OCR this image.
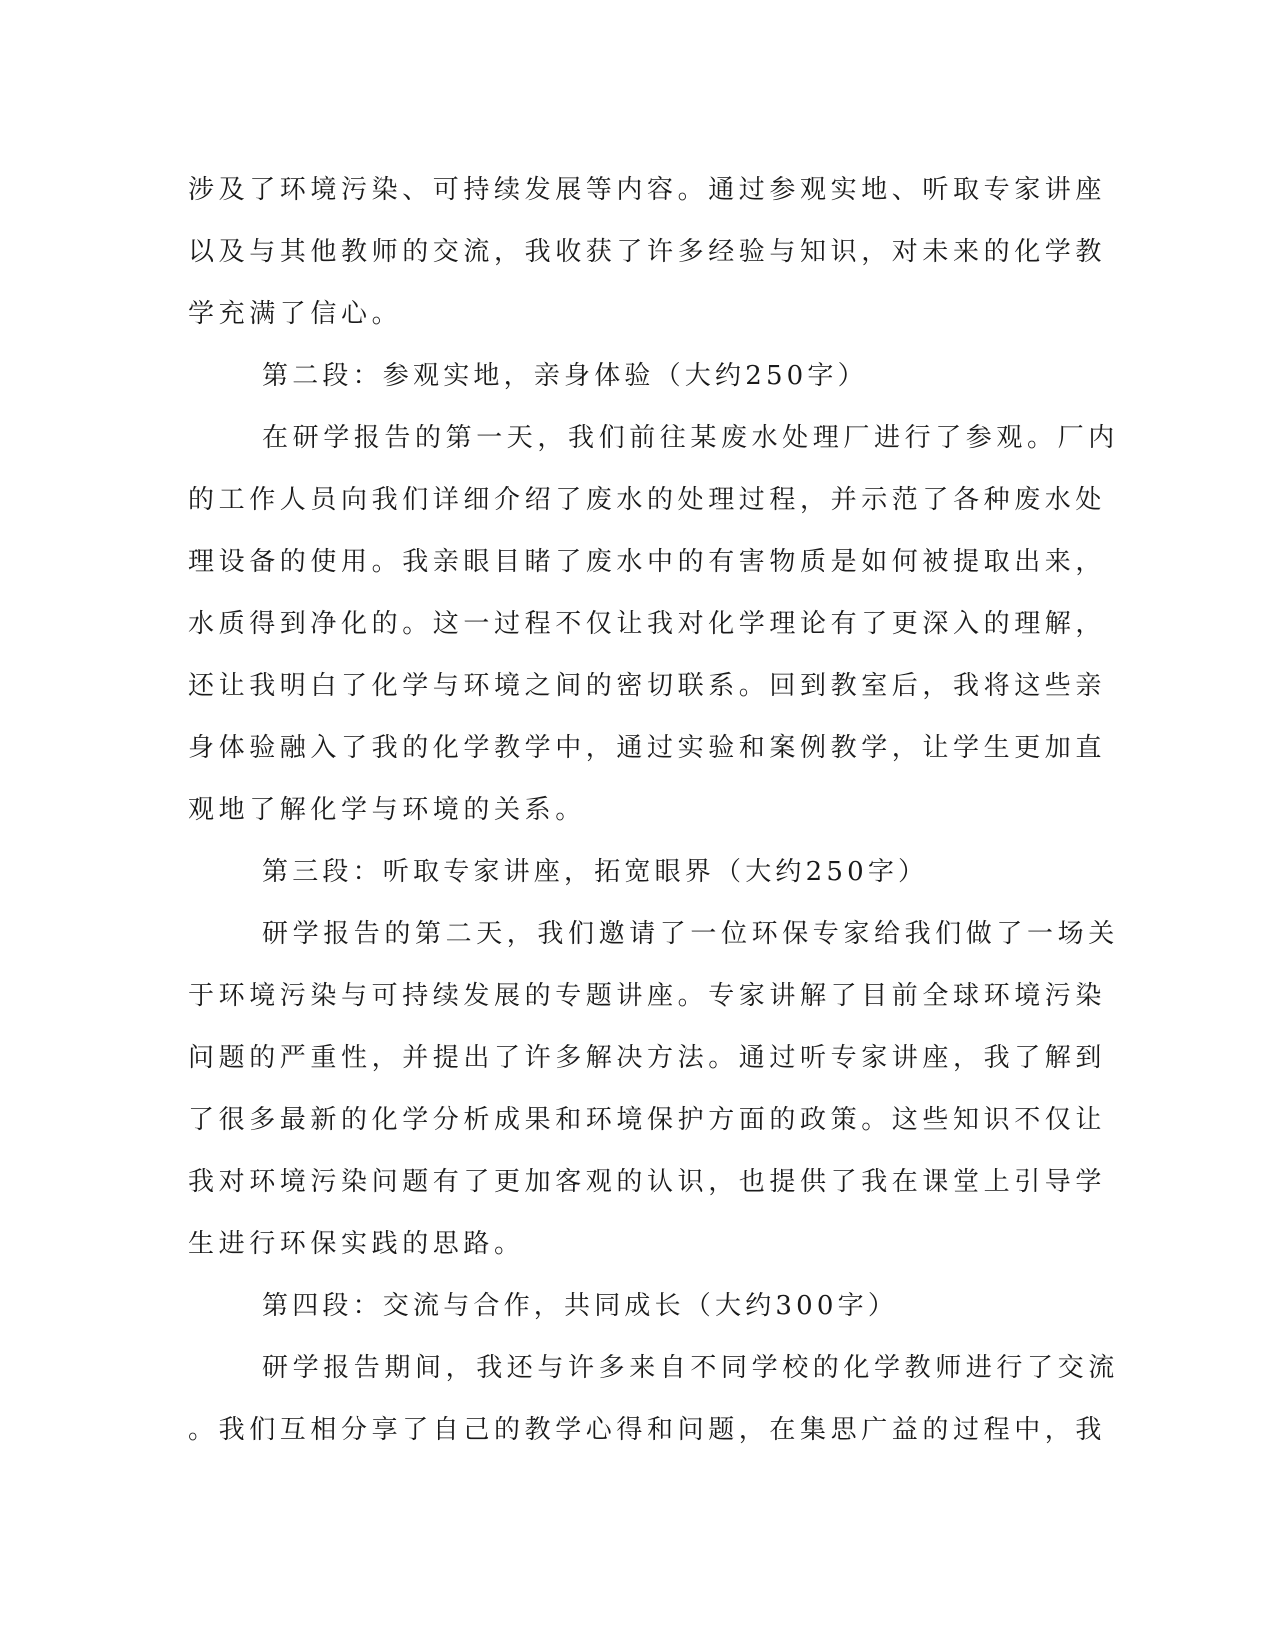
涉及了环境污染、可持续发展等内容。通过参观实地、听取专家讲座
以及与其他教师的交流，我收获了许多经验与知识，对未来的化学教
学充满了信心。
第二段：参观实地，亲身体验（大约250字）
在研学报告的第一天，我们前往某废水处理厂进行了参观。厂内
的工作人员向我们详细介绍了废水的处理过程，并示范了各种废水处
理设备的使用。我亲眼目睹了废水中的有害物质是如何被提取出来，
水质得到净化的。这一过程不仅让我对化学理论有了更深入的理解，
还让我明白了化学与环境之间的密切联系。回到教室后，我将这些亲
身体验融入了我的化学教学中，通过实验和案例教学，让学生更加直
观地了解化学与环境的关系。
第三段：听取专家讲座，拓宽眼界（大约250字）
研学报告的第二天，我们邀请了一位环保专家给我们做了一场关
于环境污染与可持续发展的专题讲座。专家讲解了目前全球环境污染
问题的严重性，并提出了许多解决方法。通过听专家讲座，我了解到
了很多最新的化学分析成果和环境保护方面的政策。这些知识不仅让
我对环境污染问题有了更加客观的认识，也提供了我在课堂上引导学
生进行环保实践的思路。
第四段：交流与合作，共同成长（大约300字）
研学报告期间，我还与许多来自不同学校的化学教师进行了交流
。我们互相分享了自己的教学心得和问题，在集思广益的过程中，我
